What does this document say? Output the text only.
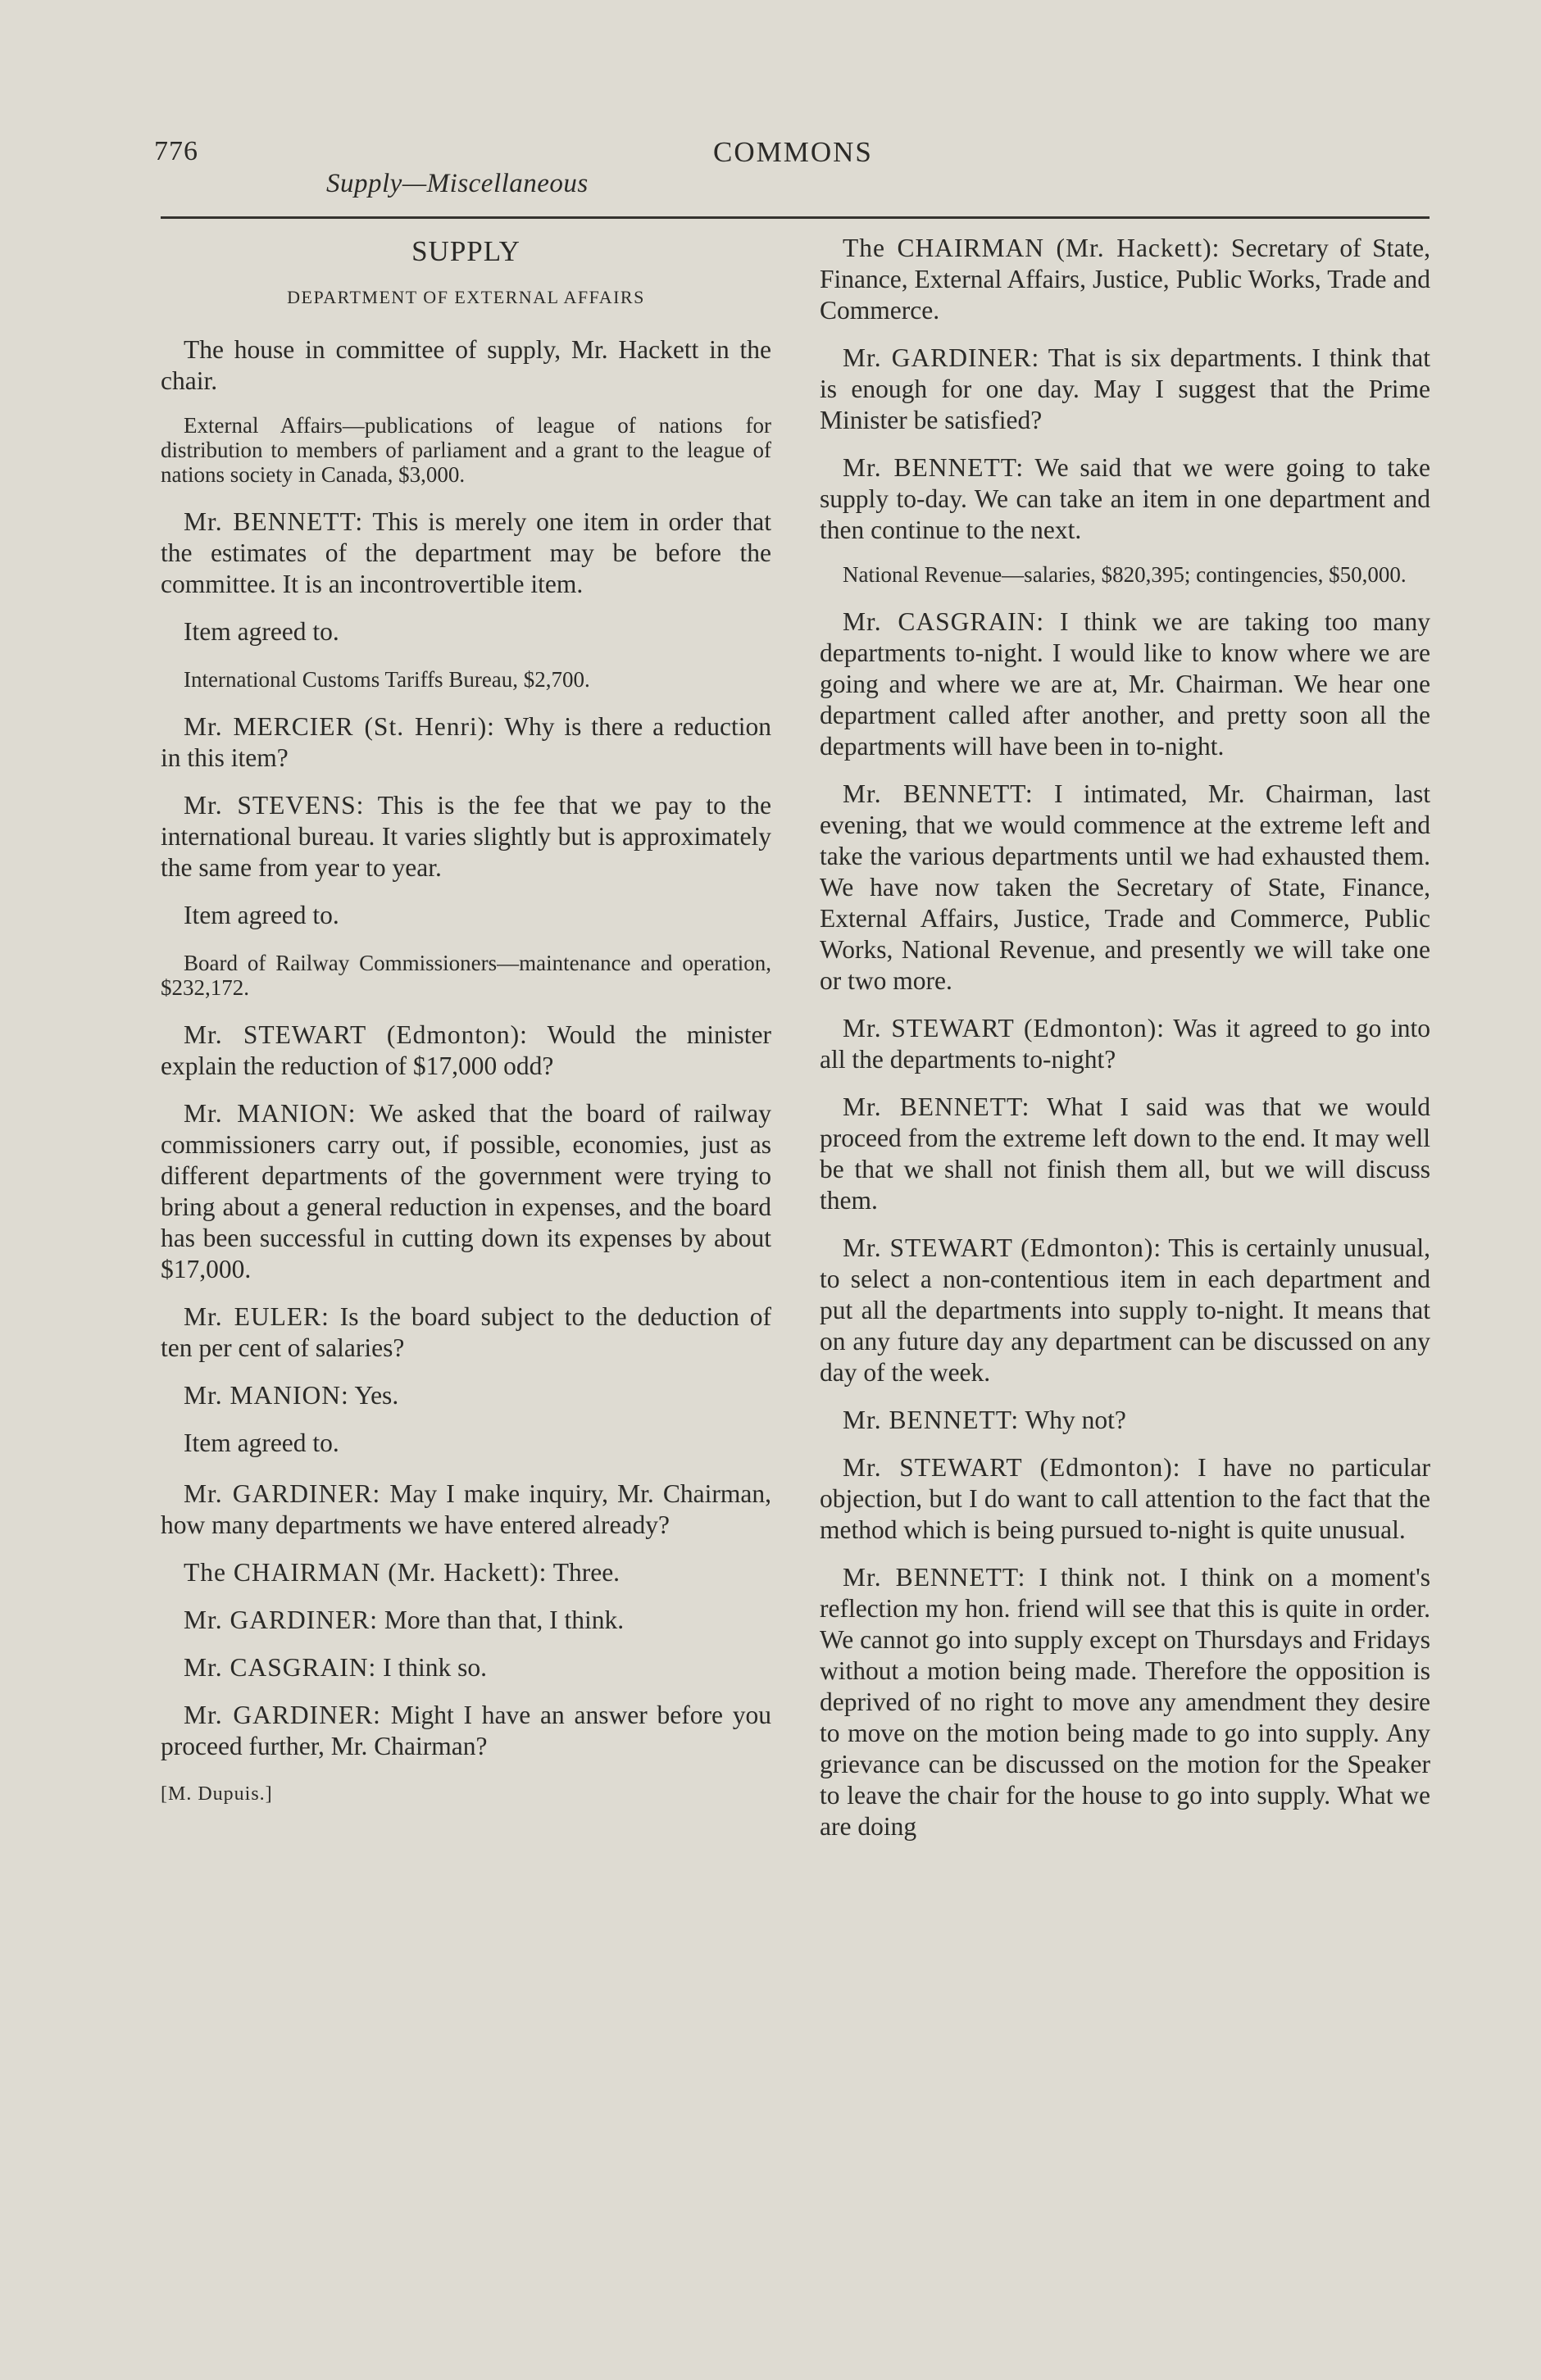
776	COMMONS
Supply—Miscellaneous
SUPPLY
DEPARTMENT OF EXTERNAL AFFAIRS

The house in committee of supply, Mr. Hackett in the chair.

External Affairs—publications of league of nations for distribution to members of parliament and a grant to the league of nations society in Canada, $3,000.

Mr. BENNETT: This is merely one item in order that the estimates of the department may be before the committee. It is an incontrovertible item.

Item agreed to.

International Customs Tariffs Bureau, $2,700.

Mr. MERCIER (St. Henri): Why is there a reduction in this item?

Mr. STEVENS: This is the fee that we pay to the international bureau. It varies slightly but is approximately the same from year to year.

Item agreed to.

Board of Railway Commissioners—maintenance and operation, $232,172.

Mr. STEWART (Edmonton): Would the minister explain the reduction of $17,000 odd?

Mr. MANION: We asked that the board of railway commissioners carry out, if possible, economies, just as different departments of the government were trying to bring about a general reduction in expenses, and the board has been successful in cutting down its expenses by about $17,000.

Mr. EULER: Is the board subject to the deduction of ten per cent of salaries?

Mr. MANION: Yes.

Item agreed to.

Mr. GARDINER: May I make inquiry, Mr. Chairman, how many departments we have entered already?

The CHAIRMAN (Mr. Hackett): Three.

Mr. GARDINER: More than that, I think.

Mr. CASGRAIN: I think so.

Mr. GARDINER: Might I have an answer before you proceed further, Mr. Chairman?

[M. Dupuis.]

The CHAIRMAN (Mr. Hackett): Secretary of State, Finance, External Affairs, Justice, Public Works, Trade and Commerce.

Mr. GARDINER: That is six departments. I think that is enough for one day. May I suggest that the Prime Minister be satisfied?

Mr. BENNETT: We said that we were going to take supply to-day. We can take an item in one department and then continue to the next.

National Revenue—salaries, $820,395; contingencies, $50,000.

Mr. CASGRAIN: I think we are taking too many departments to-night. I would like to know where we are going and where we are at, Mr. Chairman. We hear one department called after another, and pretty soon all the departments will have been in to-night.

Mr. BENNETT: I intimated, Mr. Chairman, last evening, that we would commence at the extreme left and take the various departments until we had exhausted them. We have now taken the Secretary of State, Finance, External Affairs, Justice, Trade and Commerce, Public Works, National Revenue, and presently we will take one or two more.

Mr. STEWART (Edmonton): Was it agreed to go into all the departments to-night?

Mr. BENNETT: What I said was that we would proceed from the extreme left down to the end. It may well be that we shall not finish them all, but we will discuss them.

Mr. STEWART (Edmonton): This is certainly unusual, to select a non-contentious item in each department and put all the departments into supply to-night. It means that on any future day any department can be discussed on any day of the week.

Mr. BENNETT: Why not?

Mr. STEWART (Edmonton): I have no particular objection, but I do want to call attention to the fact that the method which is being pursued to-night is quite unusual.

Mr. BENNETT: I think not. I think on a moment's reflection my hon. friend will see that this is quite in order. We cannot go into supply except on Thursdays and Fridays without a motion being made. Therefore the opposition is deprived of no right to move any amendment they desire to move on the motion being made to go into supply. Any grievance can be discussed on the motion for the Speaker to leave the chair for the house to go into supply. What we are doing
